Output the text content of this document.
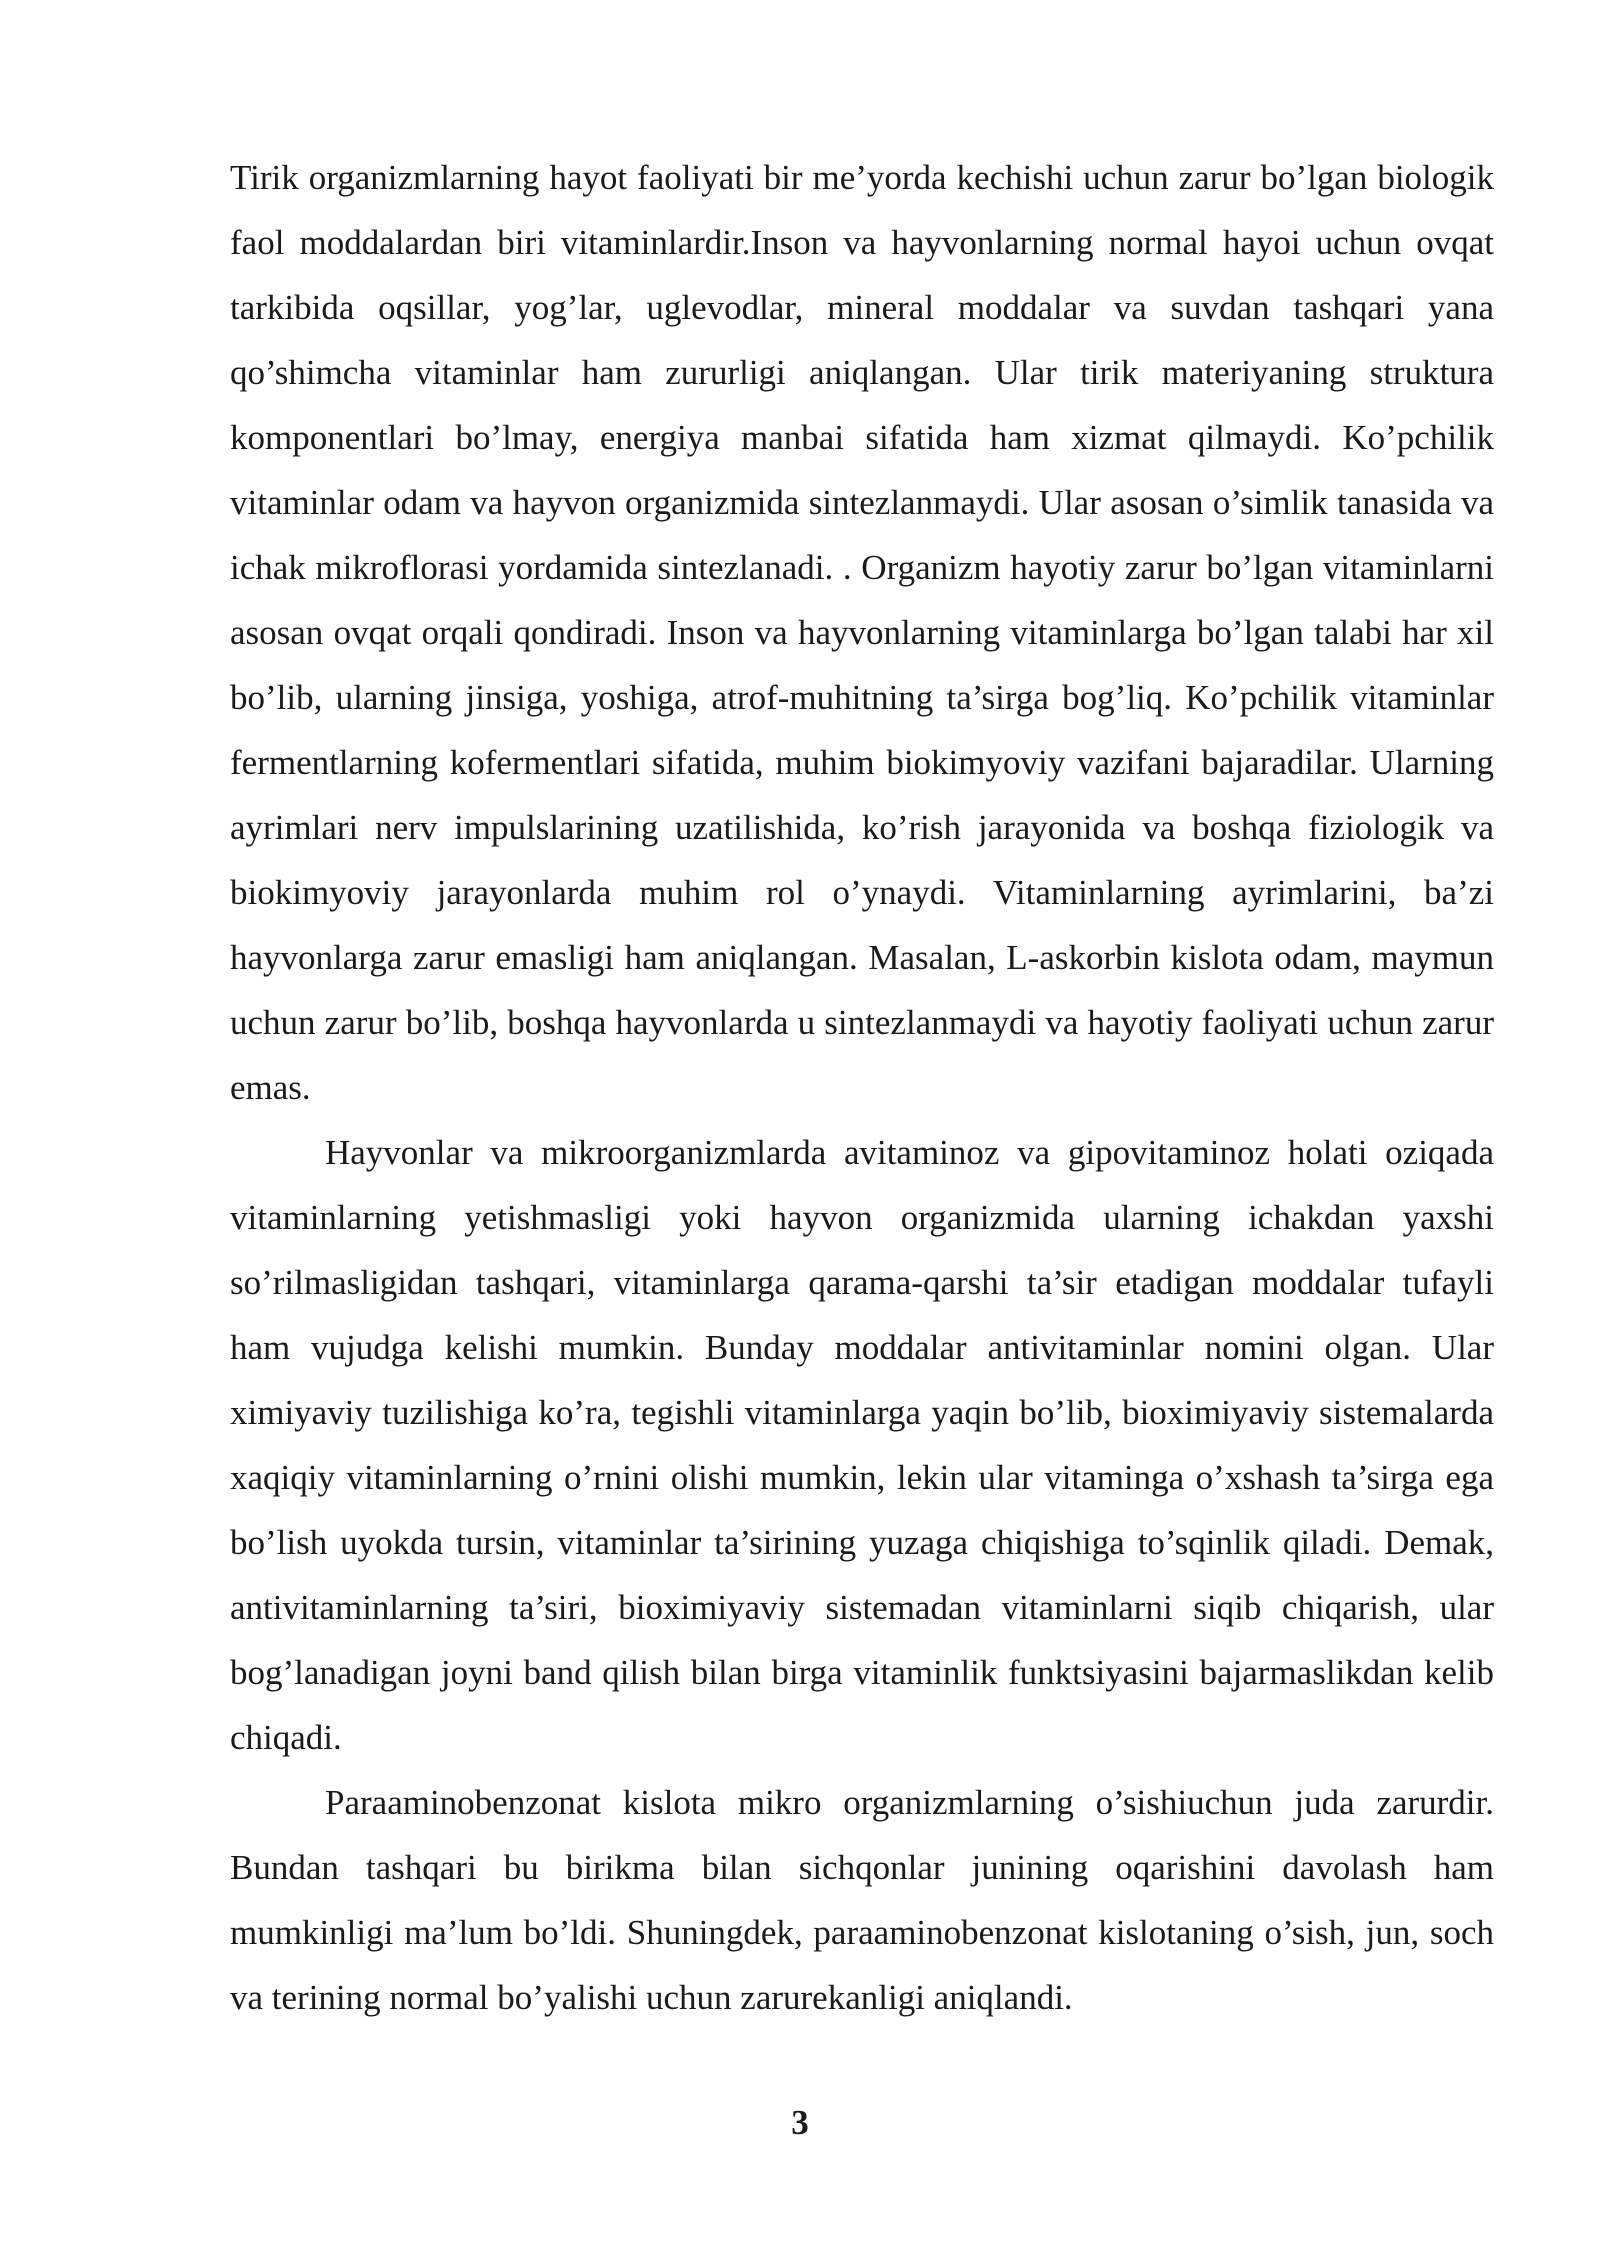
Tirik organizmlarning hayot faoliyati bir me’yorda kechishi uchun zarur bo’lgan biologik faol moddalardan biri vitaminlardir.Inson va hayvonlarning normal hayoi uchun ovqat tarkibida oqsillar, yog’lar, uglevodlar, mineral moddalar va suvdan tashqari yana qo’shimcha vitaminlar ham zururligi aniqlangan. Ular tirik materiyaning struktura komponentlari bo’lmay, energiya manbai sifatida ham xizmat qilmaydi. Ko’pchilik vitaminlar odam va hayvon organizmida sintezlanmaydi. Ular asosan o’simlik tanasida va ichak mikroflorasi yordamida sintezlanadi. . Organizm hayotiy zarur bo’lgan vitaminlarni asosan ovqat orqali qondiradi. Inson va hayvonlarning vitaminlarga bo’lgan talabi har xil bo’lib, ularning jinsiga, yoshiga, atrof-muhitning ta’sirga bog’liq. Ko’pchilik vitaminlar fermentlarning kofermentlari sifatida, muhim biokimyoviy vazifani bajaradilar. Ularning ayrimlari nerv impulslarining uzatilishida, ko’rish jarayonida va boshqa fiziologik va biokimyoviy jarayonlarda muhim rol o’ynaydi. Vitaminlarning ayrimlarini, ba’zi hayvonlarga zarur emasligi ham aniqlangan. Masalan, L-askorbin kislota odam, maymun uchun zarur bo’lib, boshqa hayvonlarda u sintezlanmaydi va hayotiy faoliyati uchun zarur emas.

Hayvonlar va mikroorganizmlarda avitaminoz va gipovitaminoz holati oziqada vitaminlarning yetishmasligi yoki hayvon organizmida ularning ichakdan yaxshi so’rilmasligidan tashqari, vitaminlarga qarama-qarshi ta’sir etadigan moddalar tufayli ham vujudga kelishi mumkin. Bunday moddalar antivitaminlar nomini olgan. Ular ximiyaviy tuzilishiga ko’ra, tegishli vitaminlarga yaqin bo’lib, bioximiyaviy sistemalarda xaqiqiy vitaminlarning o’rnini olishi mumkin, lekin ular vitaminga o’xshash ta’sirga ega bo’lish uyokda tursin, vitaminlar ta’sirining yuzaga chiqishiga to’sqinlik qiladi. Demak, antivitaminlarning ta’siri, bioximiyaviy sistemadan vitaminlarni siqib chiqarish, ular bog’lanadigan joyni band qilish bilan birga vitaminlik funktsiyasini bajarmaslikdan kelib chiqadi.

Paraaminobenzonat kislota mikro organizmlarning o’sishiuchun juda zarurdir. Bundan tashqari bu birikma bilan sichqonlar junining oqarishini davolash ham mumkinligi ma’lum bo’ldi. Shuningdek, paraaminobenzonat kislotaning o’sish, jun, soch va terining normal bo’yalishi uchun zarurekanligi aniqlandi.

3
